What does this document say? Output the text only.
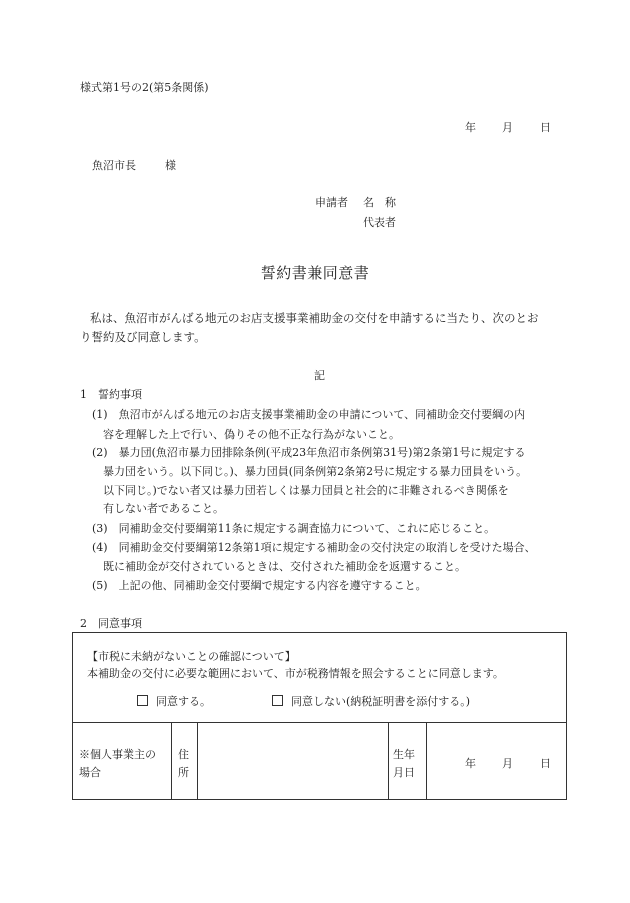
様式第1号の2(第5条関係)
年 月 日
魚沼市長	様
申請者 名　称
代表者
誓約書兼同意書
私は、魚沼市がんばる地元のお店支援事業補助金の交付を申請するに当たり、次のとお
り誓約及び同意します。
記
1　誓約事項
(1)　魚沼市がんばる地元のお店支援事業補助金の申請について、同補助金交付要綱の内
容を理解した上で行い、偽りその他不正な行為がないこと。
(2)　暴力団(魚沼市暴力団排除条例(平成23年魚沼市条例第31号)第2条第1号に規定する
暴力団をいう。以下同じ。)、暴力団員(同条例第2条第2号に規定する暴力団員をいう。
以下同じ。)でない者又は暴力団若しくは暴力団員と社会的に非難されるべき関係を
有しない者であること。
(3)　同補助金交付要綱第11条に規定する調査協力について、これに応じること。
(4)　同補助金交付要綱第12条第1項に規定する補助金の交付決定の取消しを受けた場合、
既に補助金が交付されているときは、交付された補助金を返還すること。
(5)　上記の他、同補助金交付要綱で規定する内容を遵守すること。
2　同意事項
【市税に未納がないことの確認について】
本補助金の交付に必要な範囲において、市が税務情報を照会することに同意します。
同意する。	同意しない(納税証明書を添付する。)
※個人事業主の
場合
住
所
生年
月日
年 月 日
